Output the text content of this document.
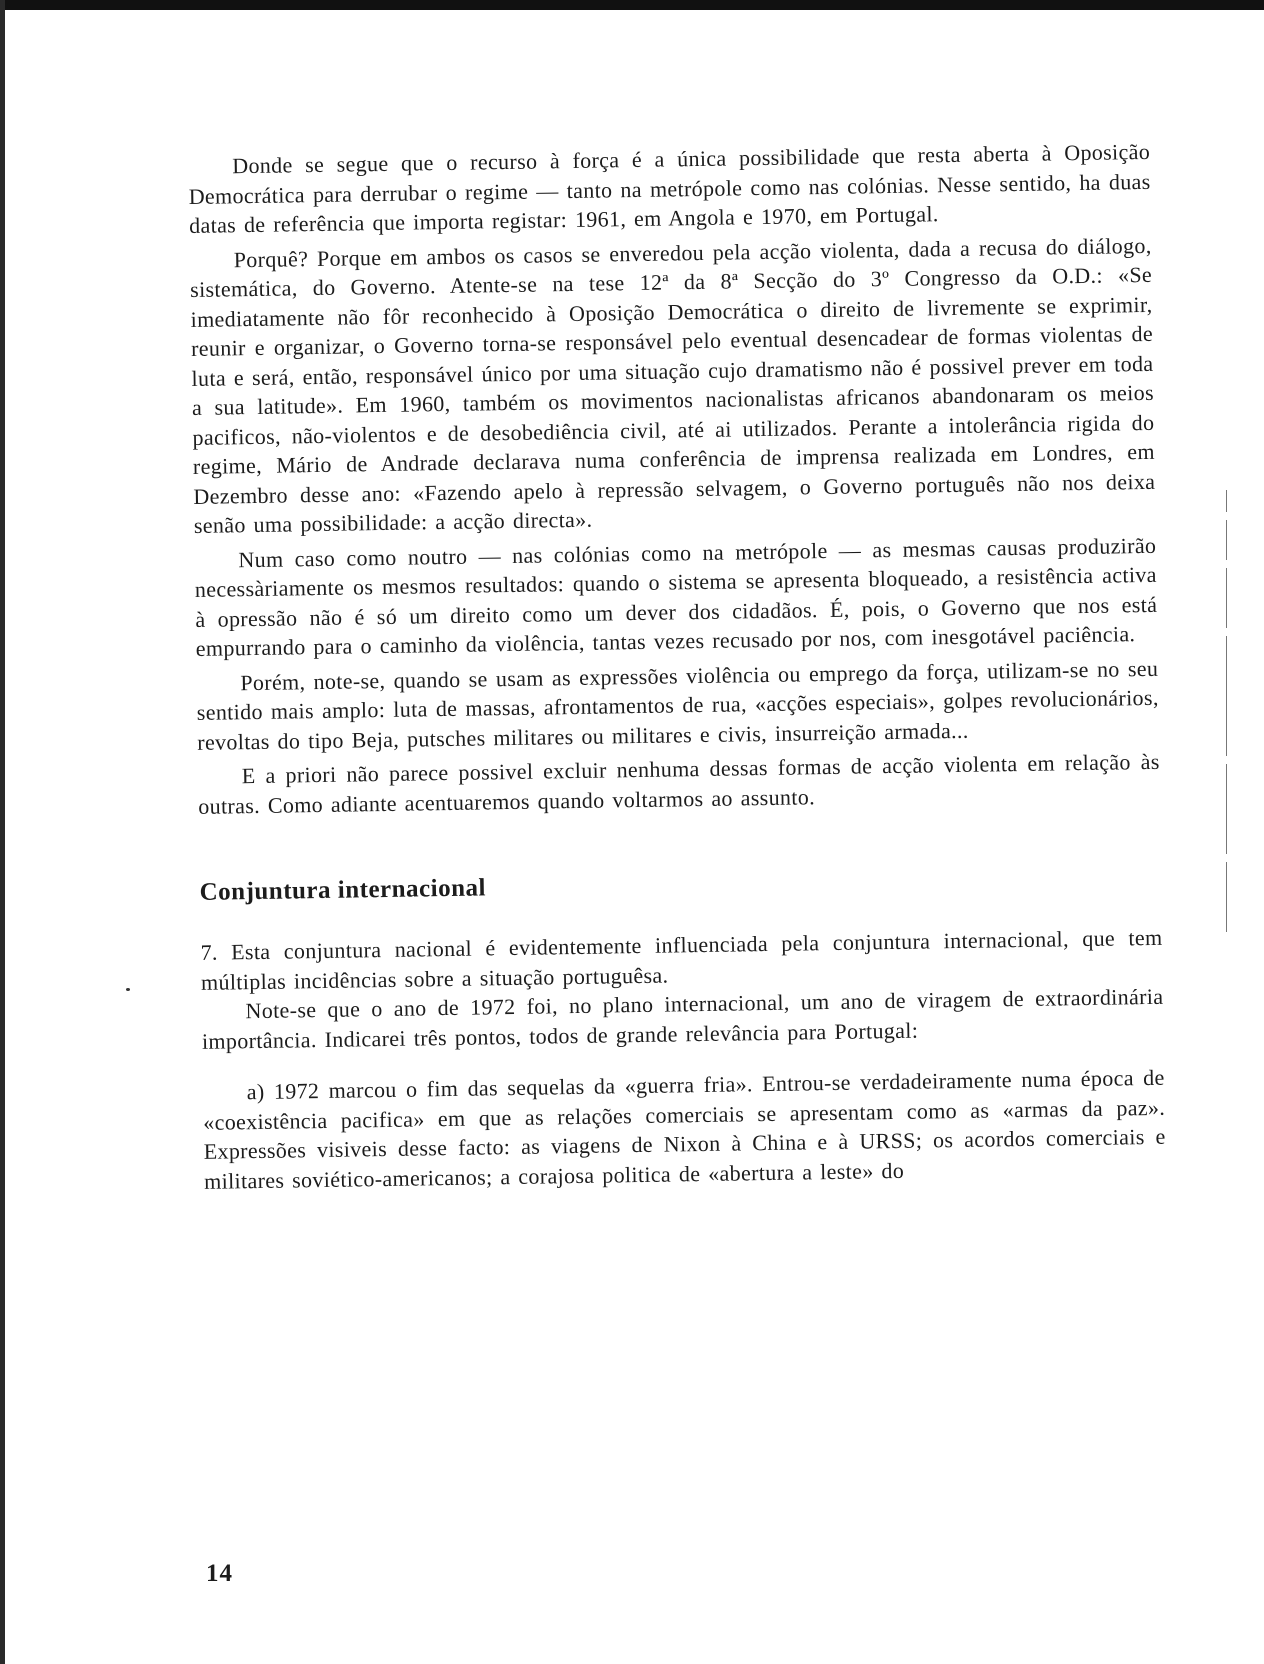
Donde se segue que o recurso à força é a única possibilidade que resta aberta à Oposição Democrática para derrubar o regime — tanto na metrópole como nas colónias. Nesse sentido, ha duas datas de referência que importa registar: 1961, em Angola e 1970, em Portugal.

Porquê? Porque em ambos os casos se enveredou pela acção violenta, dada a recusa do diálogo, sistemática, do Governo. Atente-se na tese 12ª da 8ª Secção do 3º Congresso da O.D.: «Se imediatamente não fôr reconhecido à Oposição Democrática o direito de livremente se exprimir, reunir e organizar, o Governo torna-se responsável pelo eventual desencadear de formas violentas de luta e será, então, responsável único por uma situação cujo dramatismo não é possivel prever em toda a sua latitude». Em 1960, também os movimentos nacionalistas africanos abandonaram os meios pacificos, não-violentos e de desobediência civil, até ai utilizados. Perante a intolerância rigida do regime, Mário de Andrade declarava numa conferência de imprensa realizada em Londres, em Dezembro desse ano: «Fazendo apelo à repressão selvagem, o Governo português não nos deixa senão uma possibilidade: a acção directa».

Num caso como noutro — nas colónias como na metrópole — as mesmas causas produzirão necessàriamente os mesmos resultados: quando o sistema se apresenta bloqueado, a resistência activa à opressão não é só um direito como um dever dos cidadãos. É, pois, o Governo que nos está empurrando para o caminho da violência, tantas vezes recusado por nos, com inesgotável paciência.

Porém, note-se, quando se usam as expressões violência ou emprego da força, utilizam-se no seu sentido mais amplo: luta de massas, afrontamentos de rua, «acções especiais», golpes revolucionários, revoltas do tipo Beja, putsches militares ou militares e civis, insurreição armada...

E a priori não parece possivel excluir nenhuma dessas formas de acção violenta em relação às outras. Como adiante acentuaremos quando voltarmos ao assunto.

Conjuntura internacional

7. Esta conjuntura nacional é evidentemente influenciada pela conjuntura internacional, que tem múltiplas incidências sobre a situação portuguêsa.

Note-se que o ano de 1972 foi, no plano internacional, um ano de viragem de extraordinária importância. Indicarei três pontos, todos de grande relevância para Portugal:

a) 1972 marcou o fim das sequelas da «guerra fria». Entrou-se verdadeiramente numa época de «coexistência pacifica» em que as relações comerciais se apresentam como as «armas da paz». Expressões visiveis desse facto: as viagens de Nixon à China e à URSS; os acordos comerciais e militares soviético-americanos; a corajosa politica de «abertura a leste» do

14
